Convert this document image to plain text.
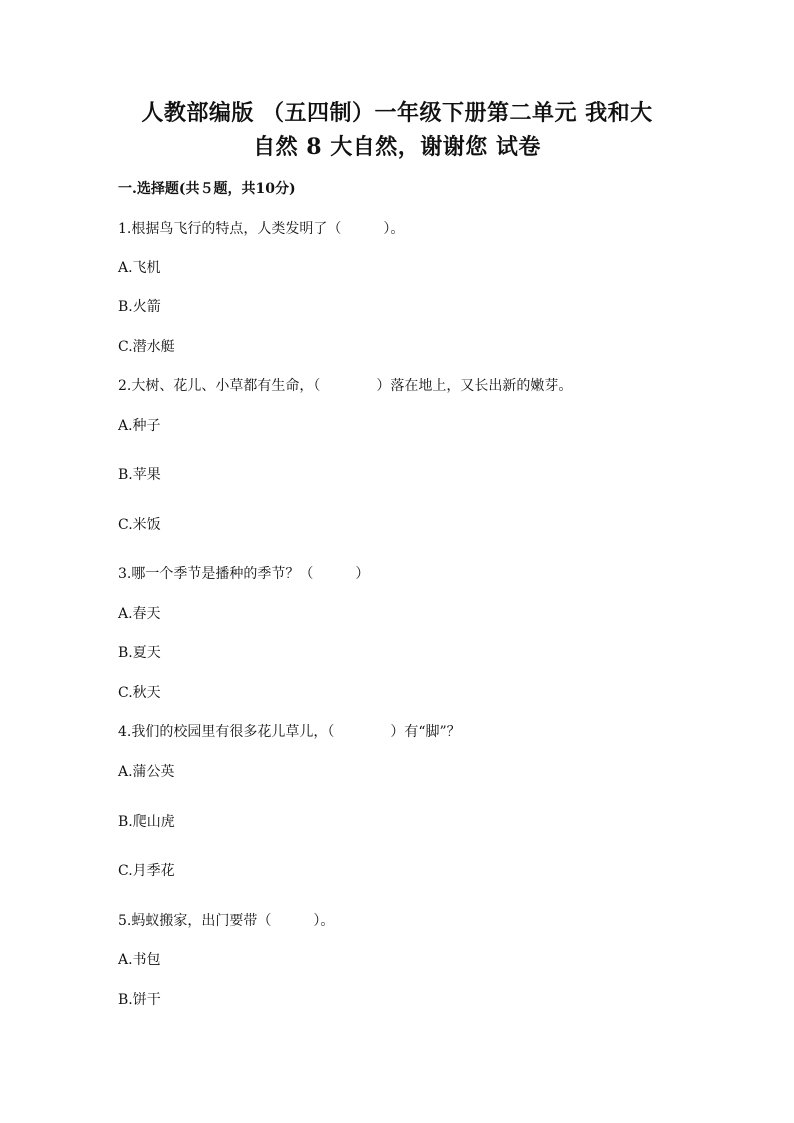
人教部编版 （五四制）一年级下册第二单元 我和大
自然 8 大自然，谢谢您 试卷
一.选择题(共５题，共10分)
1.根据鸟飞行的特点，人类发明了（　　　）。
A.飞机
B.火箭
C.潜水艇
2.大树、花儿、小草都有生命，（　　　　）落在地上，又长出新的嫩芽。
A.种子
B.苹果
C.米饭
3.哪一个季节是播种的季节？（　　　）
A.春天
B.夏天
C.秋天
4.我们的校园里有很多花儿草儿，（　　　　）有“脚”？
A.蒲公英
B.爬山虎
C.月季花
5.蚂蚁搬家，出门要带（　　　）。
A.书包
B.饼干
